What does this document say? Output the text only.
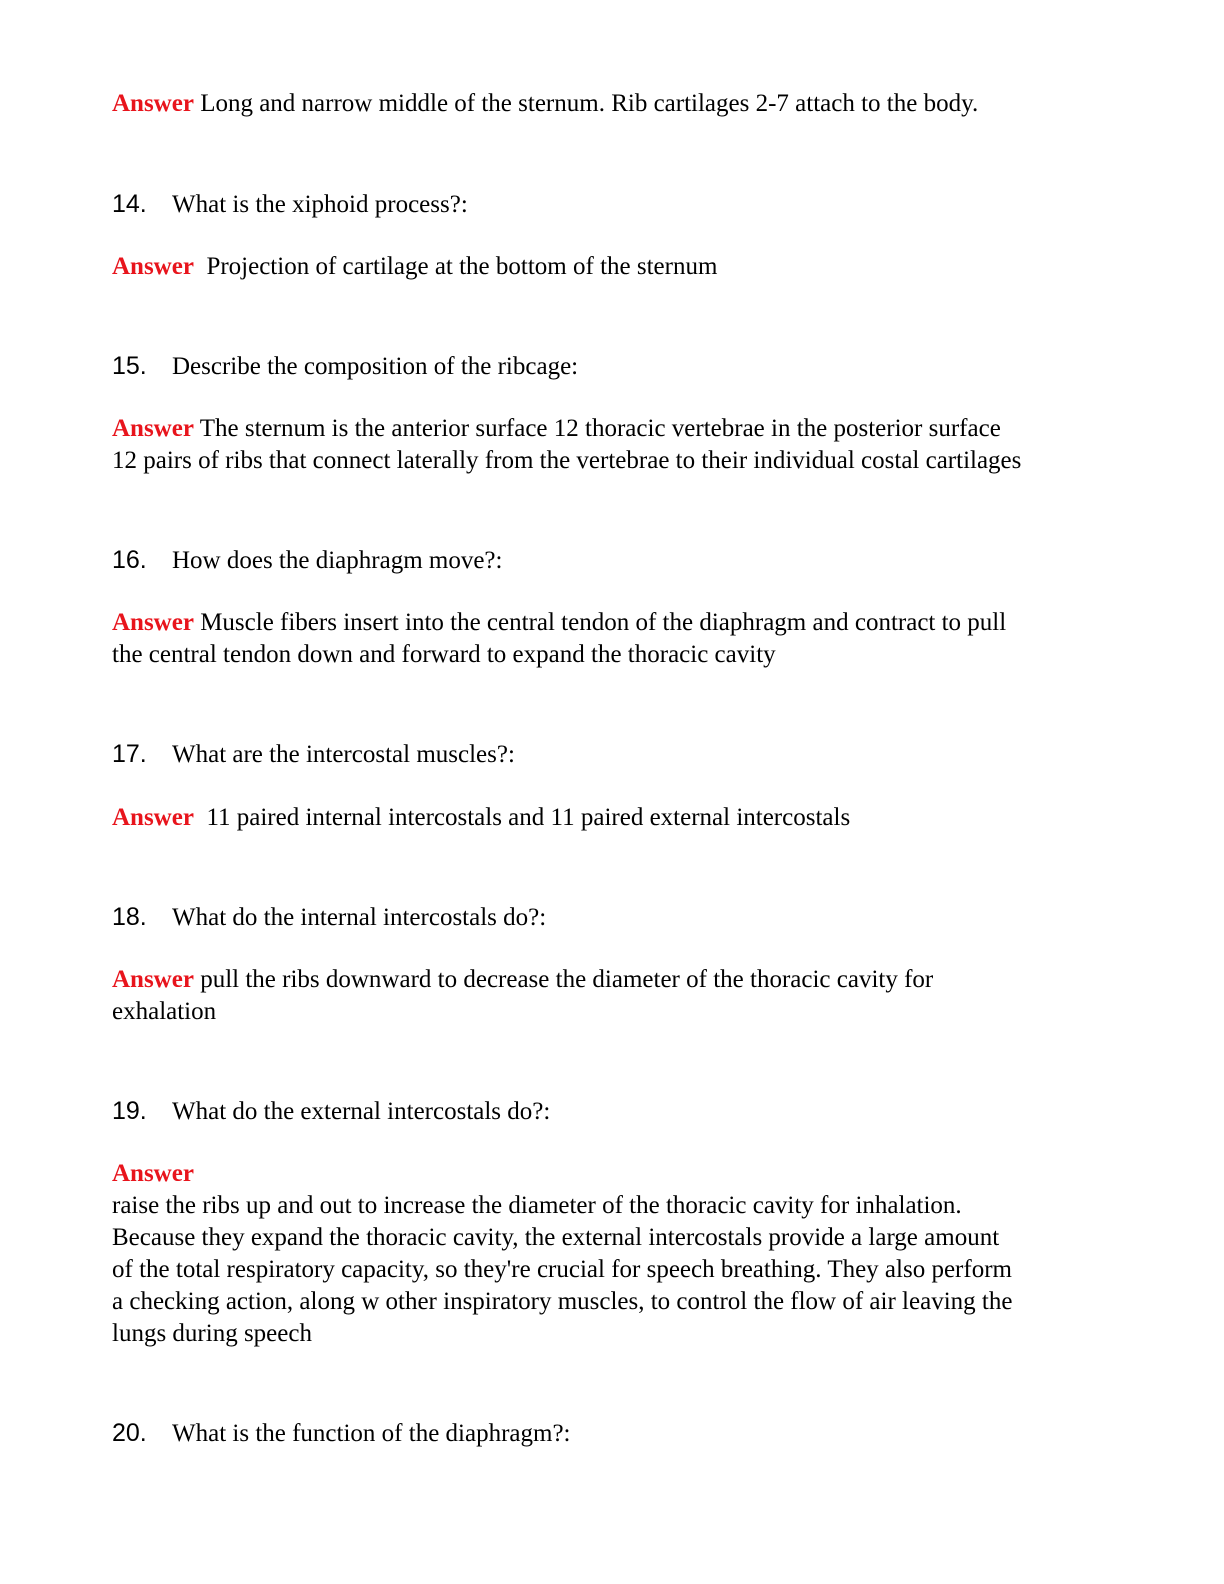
Answer Long and narrow middle of the sternum. Rib cartilages 2-7 attach to the body.
14. What is the xiphoid process?:
Answer Projection of cartilage at the bottom of the sternum
15. Describe the composition of the ribcage:
Answer The sternum is the anterior surface 12 thoracic vertebrae in the posterior surface
12 pairs of ribs that connect laterally from the vertebrae to their individual costal cartilages
16. How does the diaphragm move?:
Answer Muscle fibers insert into the central tendon of the diaphragm and contract to pull
the central tendon down and forward to expand the thoracic cavity
17. What are the intercostal muscles?:
Answer 11 paired internal intercostals and 11 paired external intercostals
18. What do the internal intercostals do?:
Answer pull the ribs downward to decrease the diameter of the thoracic cavity for
exhalation
19. What do the external intercostals do?:
Answer
raise the ribs up and out to increase the diameter of the thoracic cavity for inhalation.
Because they expand the thoracic cavity, the external intercostals provide a large amount
of the total respiratory capacity, so they're crucial for speech breathing. They also perform
a checking action, along w other inspiratory muscles, to control the flow of air leaving the
lungs during speech
20. What is the function of the diaphragm?:
